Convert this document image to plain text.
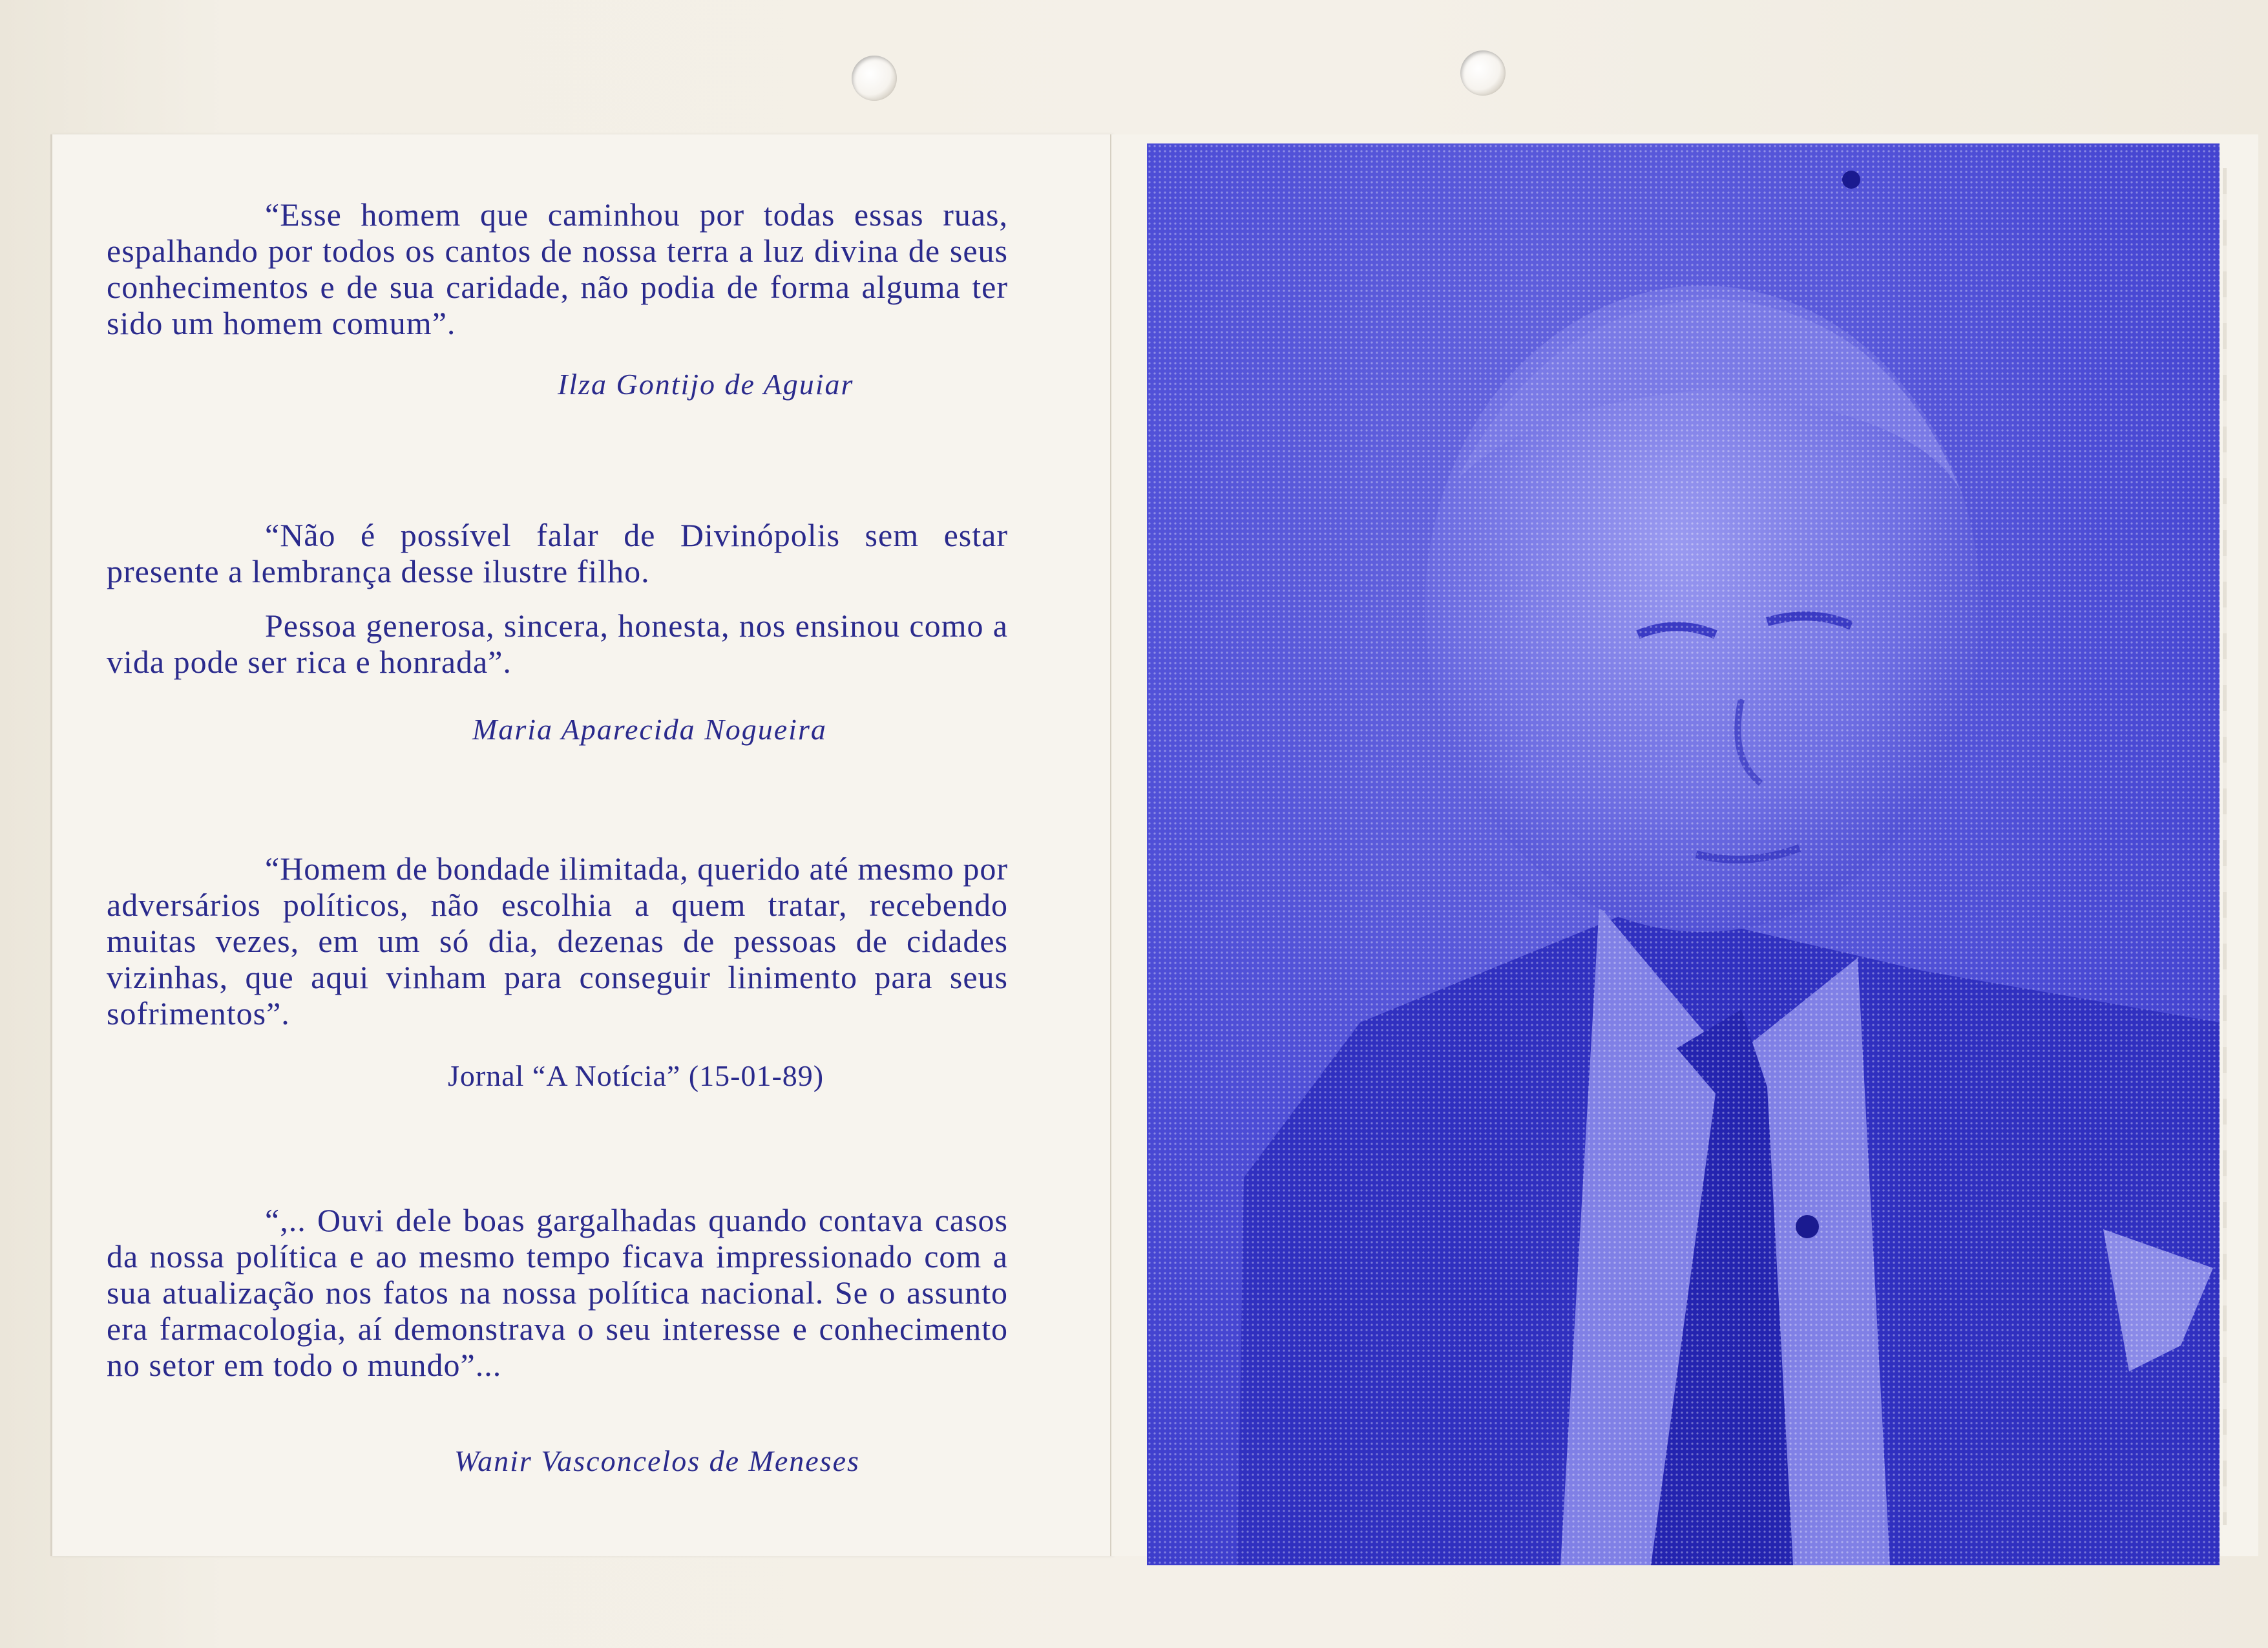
“Esse homem que caminhou por todas essas ruas, espalhando por todos os cantos de nossa terra a luz divina de seus conhecimentos e de sua caridade, não podia de forma alguma ter sido um homem comum”.

Ilza Gontijo de Aguiar

“Não é possível falar de Divinópolis sem estar presente a lembrança desse ilustre filho.

Pessoa generosa, sincera, honesta, nos ensinou como a vida pode ser rica e honrada”.

Maria Aparecida Nogueira

“Homem de bondade ilimitada, querido até mesmo por adversários políticos, não escolhia a quem tratar, recebendo muitas vezes, em um só dia, dezenas de pessoas de cidades vizinhas, que aqui vinham para conseguir linimento para seus sofrimentos”.

Jornal “A Notícia” (15-01-89)

“,.. Ouvi dele boas gargalhadas quando contava casos da nossa política e ao mesmo tempo ficava impressionado com a sua atualização nos fatos na nossa política nacional. Se o assunto era farmacologia, aí demonstrava o seu interesse e conhecimento no setor em todo o mundo”...

Wanir Vasconcelos de Meneses
